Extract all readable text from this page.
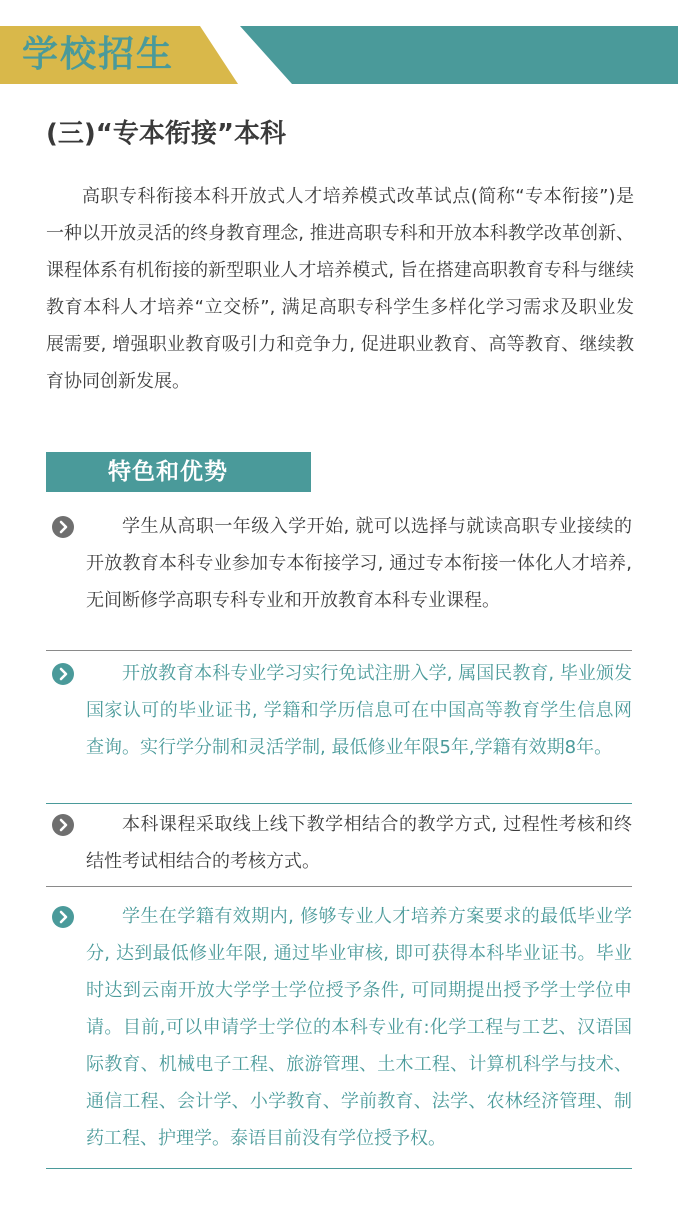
学校招生
(三)“专本衔接”本科

高职专科衔接本科开放式人才培养模式改革试点(简称“专本衔接”)是一种以开放灵活的终身教育理念, 推进高职专科和开放本科教学改革创新、课程体系有机衔接的新型职业人才培养模式, 旨在搭建高职教育专科与继续教育本科人才培养“立交桥”, 满足高职专科学生多样化学习需求及职业发展需要, 增强职业教育吸引力和竞争力, 促进职业教育、高等教育、继续教育协同创新发展。

特色和优势

学生从高职一年级入学开始, 就可以选择与就读高职专业接续的开放教育本科专业参加专本衔接学习, 通过专本衔接一体化人才培养, 无间断修学高职专科专业和开放教育本科专业课程。

开放教育本科专业学习实行免试注册入学, 属国民教育, 毕业颁发国家认可的毕业证书, 学籍和学历信息可在中国高等教育学生信息网查询。实行学分制和灵活学制, 最低修业年限5年,学籍有效期8年。

本科课程采取线上线下教学相结合的教学方式, 过程性考核和终结性考试相结合的考核方式。

学生在学籍有效期内, 修够专业人才培养方案要求的最低毕业学分, 达到最低修业年限, 通过毕业审核, 即可获得本科毕业证书。毕业时达到云南开放大学学士学位授予条件, 可同期提出授予学士学位申请。目前,可以申请学士学位的本科专业有:化学工程与工艺、汉语国际教育、机械电子工程、旅游管理、土木工程、计算机科学与技术、通信工程、会计学、小学教育、学前教育、法学、农林经济管理、制药工程、护理学。泰语目前没有学位授予权。
